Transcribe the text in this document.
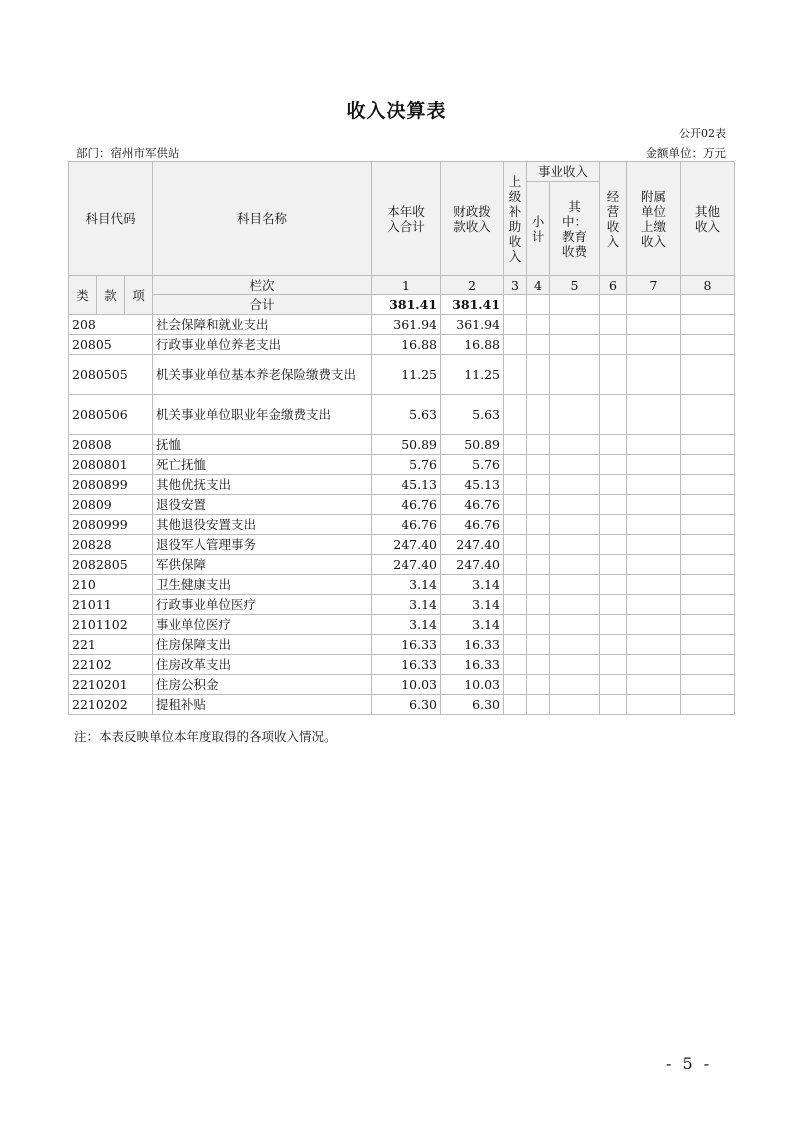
收入决算表
公开02表
部门：宿州市军供站	金额单位：万元
科目代码			科目名称	本年收入合计	财政拨款收入	上级补助收入	事业收入		经营收入	附属单位上缴收入	其他收入
							小计	其中：教育收费			
类	款	项	栏次	1	2	3	4	5	6	7	8
			合计	381.41	381.41						
208			社会保障和就业支出	361.94	361.94						
20805			行政事业单位养老支出	16.88	16.88						
2080505			机关事业单位基本养老保险缴费支出	11.25	11.25						
2080506			机关事业单位职业年金缴费支出	5.63	5.63						
20808			抚恤	50.89	50.89						
2080801			死亡抚恤	5.76	5.76						
2080899			其他优抚支出	45.13	45.13						
20809			退役安置	46.76	46.76						
2080999			其他退役安置支出	46.76	46.76						
20828			退役军人管理事务	247.40	247.40						
2082805			军供保障	247.40	247.40						
210			卫生健康支出	3.14	3.14						
21011			行政事业单位医疗	3.14	3.14						
2101102			事业单位医疗	3.14	3.14						
221			住房保障支出	16.33	16.33						
22102			住房改革支出	16.33	16.33						
2210201			住房公积金	10.03	10.03						
2210202			提租补贴	6.30	6.30						
注：本表反映单位本年度取得的各项收入情况。
- 5 -
